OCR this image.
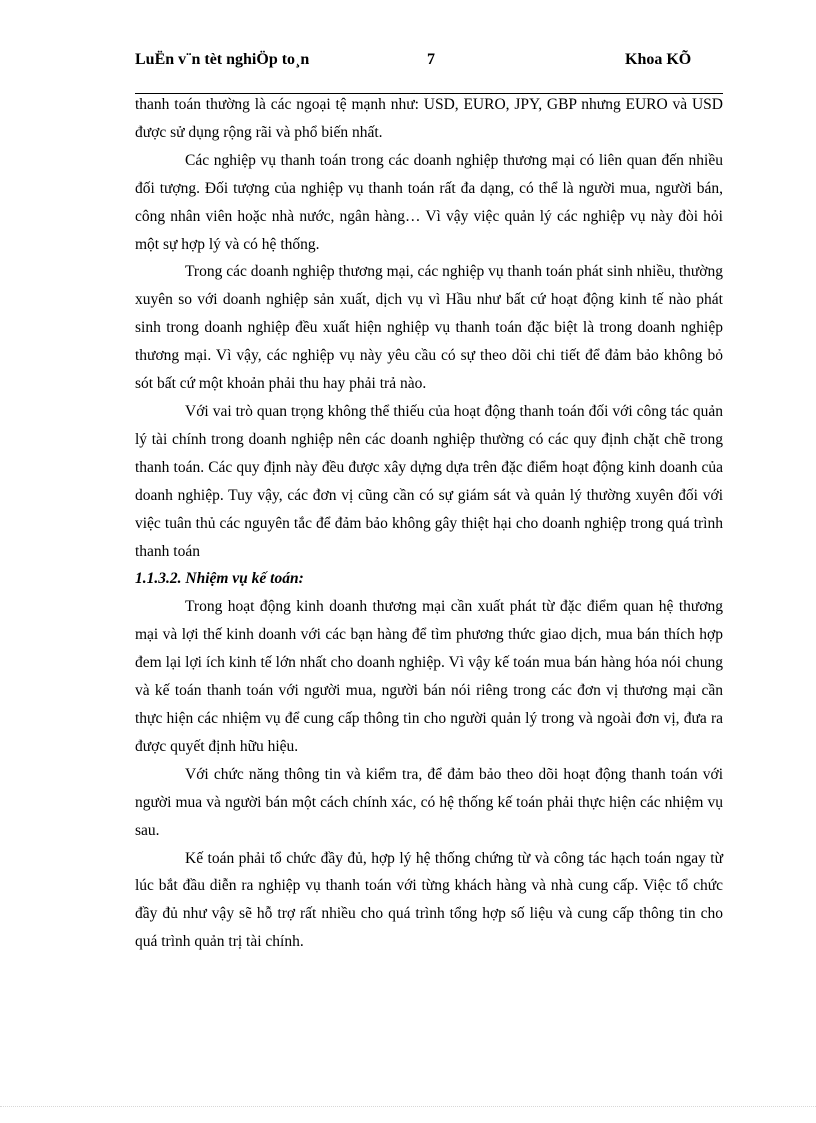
LuËn v¨n tèt nghiÖp to¸n	7	Khoa KÕ

thanh toán thường là các ngoại tệ mạnh như: USD, EURO, JPY, GBP nhưng EURO và USD được sử dụng rộng rãi và phổ biến nhất.

Các nghiệp vụ thanh toán trong các doanh nghiệp thương mại có liên quan đến nhiều đối tượng. Đối tượng của nghiệp vụ thanh toán rất đa dạng, có thể là người mua, người bán, công nhân viên hoặc nhà nước, ngân hàng… Vì vậy việc quản lý các nghiệp vụ này đòi hỏi một sự hợp lý và có hệ thống.

Trong các doanh nghiệp thương mại, các nghiệp vụ thanh toán phát sinh nhiều, thường xuyên so với doanh nghiệp sản xuất, dịch vụ vì Hầu như bất cứ hoạt động kinh tế nào phát sinh trong doanh nghiệp đều xuất hiện nghiệp vụ thanh toán đặc biệt là trong doanh nghiệp thương mại. Vì vậy, các nghiệp vụ này yêu cầu có sự theo dõi chi tiết để đảm bảo không bỏ sót bất cứ một khoản phải thu hay phải trả nào.

Với vai trò quan trọng không thể thiếu của hoạt động thanh toán đối với công tác quản lý tài chính trong doanh nghiệp nên các doanh nghiệp thường có các quy định chặt chẽ trong thanh toán. Các quy định này đều được xây dựng dựa trên đặc điểm hoạt động kinh doanh của doanh nghiệp. Tuy vậy, các đơn vị cũng cần có sự giám sát và quản lý thường xuyên đối với việc tuân thủ các nguyên tắc để đảm bảo không gây thiệt hại cho doanh nghiệp trong quá trình thanh toán

1.1.3.2. Nhiệm vụ kế toán:

Trong hoạt động kinh doanh thương mại cần xuất phát từ đặc điểm quan hệ thương mại và lợi thế kinh doanh với các bạn hàng để tìm phương thức giao dịch, mua bán thích hợp đem lại lợi ích kinh tế lớn nhất cho doanh nghiệp. Vì vậy kế toán mua bán hàng hóa nói chung và kế toán thanh toán với người mua, người bán nói riêng trong các đơn vị thương mại cần thực hiện các nhiệm vụ để cung cấp thông tin cho người quản lý trong và ngoài đơn vị, đưa ra được quyết định hữu hiệu.

Với chức năng thông tin và kiểm tra, để đảm bảo theo dõi hoạt động thanh toán với người mua và người bán một cách chính xác, có hệ thống kế toán phải thực hiện các nhiệm vụ sau.

Kế toán phải tổ chức đầy đủ, hợp lý hệ thống chứng từ và công tác hạch toán ngay từ lúc bắt đầu diễn ra nghiệp vụ thanh toán với từng khách hàng và nhà cung cấp. Việc tổ chức đầy đủ như vậy sẽ hỗ trợ rất nhiều cho quá trình tổng hợp số liệu và cung cấp thông tin cho quá trình quản trị tài chính.
